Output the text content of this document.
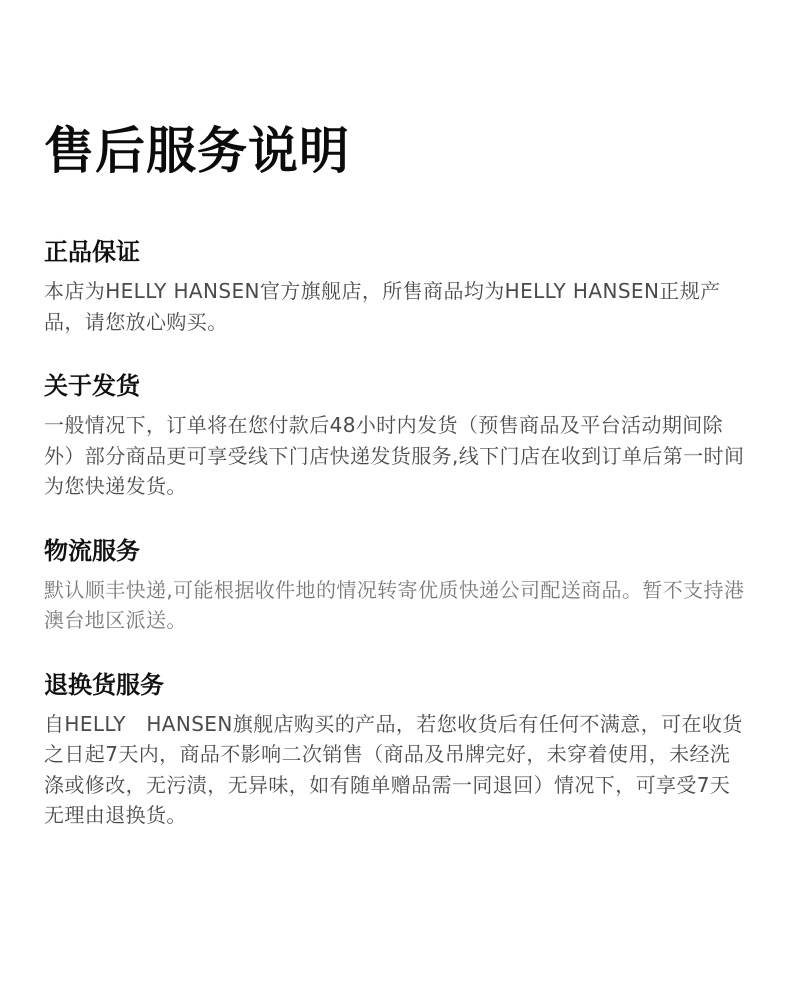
售后服务说明
正品保证

本店为HELLY HANSEN官方旗舰店，所售商品均为HELLY HANSEN正规产品，请您放心购买。

关于发货

一般情况下，订单将在您付款后48小时内发货（预售商品及平台活动期间除外）部分商品更可享受线下门店快递发货服务,线下门店在收到订单后第一时间为您快递发货。

物流服务

默认顺丰快递,可能根据收件地的情况转寄优质快递公司配送商品。暂不支持港澳台地区派送。

退换货服务

自HELLY　HANSEN旗舰店购买的产品，若您收货后有任何不满意，可在收货之日起7天内，商品不影响二次销售（商品及吊牌完好，未穿着使用，未经洗涤或修改，无污渍，无异味，如有随单赠品需一同退回）情况下，可享受7天无理由退换货。
